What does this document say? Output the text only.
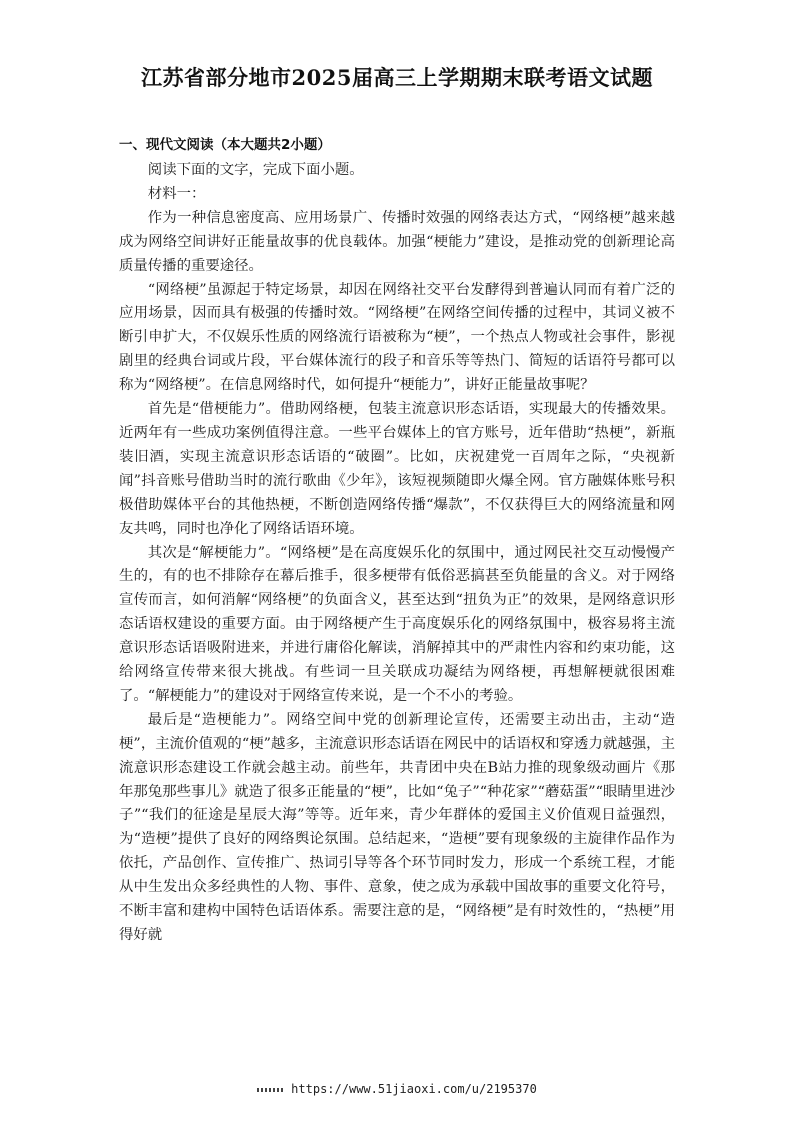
江苏省部分地市2025届高三上学期期末联考语文试题
一、现代文阅读（本大题共2小题）

阅读下面的文字，完成下面小题。

材料一：

作为一种信息密度高、应用场景广、传播时效强的网络表达方式，“网络梗”越来越成为网络空间讲好正能量故事的优良载体。加强“梗能力”建设，是推动党的创新理论高质量传播的重要途径。

“网络梗”虽源起于特定场景，却因在网络社交平台发酵得到普遍认同而有着广泛的应用场景，因而具有极强的传播时效。“网络梗”在网络空间传播的过程中，其词义被不断引申扩大，不仅娱乐性质的网络流行语被称为“梗”，一个热点人物或社会事件，影视剧里的经典台词或片段，平台媒体流行的段子和音乐等等热门、简短的话语符号都可以称为“网络梗”。在信息网络时代，如何提升“梗能力”，讲好正能量故事呢？

首先是“借梗能力”。借助网络梗，包装主流意识形态话语，实现最大的传播效果。近两年有一些成功案例值得注意。一些平台媒体上的官方账号，近年借助“热梗”，新瓶装旧酒，实现主流意识形态话语的“破圈”。比如，庆祝建党一百周年之际，“央视新闻”抖音账号借助当时的流行歌曲《少年》，该短视频随即火爆全网。官方融媒体账号积极借助媒体平台的其他热梗，不断创造网络传播“爆款”，不仅获得巨大的网络流量和网友共鸣，同时也净化了网络话语环境。

其次是“解梗能力”。“网络梗”是在高度娱乐化的氛围中，通过网民社交互动慢慢产生的，有的也不排除存在幕后推手，很多梗带有低俗恶搞甚至负能量的含义。对于网络宣传而言，如何消解“网络梗”的负面含义，甚至达到“扭负为正”的效果，是网络意识形态话语权建设的重要方面。由于网络梗产生于高度娱乐化的网络氛围中，极容易将主流意识形态话语吸附进来，并进行庸俗化解读，消解掉其中的严肃性内容和约束功能，这给网络宣传带来很大挑战。有些词一旦关联成功凝结为网络梗，再想解梗就很困难了。“解梗能力”的建设对于网络宣传来说，是一个不小的考验。

最后是“造梗能力”。网络空间中党的创新理论宣传，还需要主动出击，主动“造梗”，主流价值观的“梗”越多，主流意识形态话语在网民中的话语权和穿透力就越强，主流意识形态建设工作就会越主动。前些年，共青团中央在B站力推的现象级动画片《那年那兔那些事儿》就造了很多正能量的“梗”，比如“兔子”“种花家”“蘑菇蛋”“眼睛里进沙子”“我们的征途是星辰大海”等等。近年来，青少年群体的爱国主义价值观日益强烈，为“造梗”提供了良好的网络舆论氛围。总结起来，“造梗”要有现象级的主旋律作品作为依托，产品创作、宣传推广、热词引导等各个环节同时发力，形成一个系统工程，才能从中生发出众多经典性的人物、事件、意象，使之成为承载中国故事的重要文化符号，不断丰富和建构中国特色话语体系。需要注意的是，“网络梗”是有时效性的，“热梗”用得好就

https://www.51jiaoxi.com/u/2195370
